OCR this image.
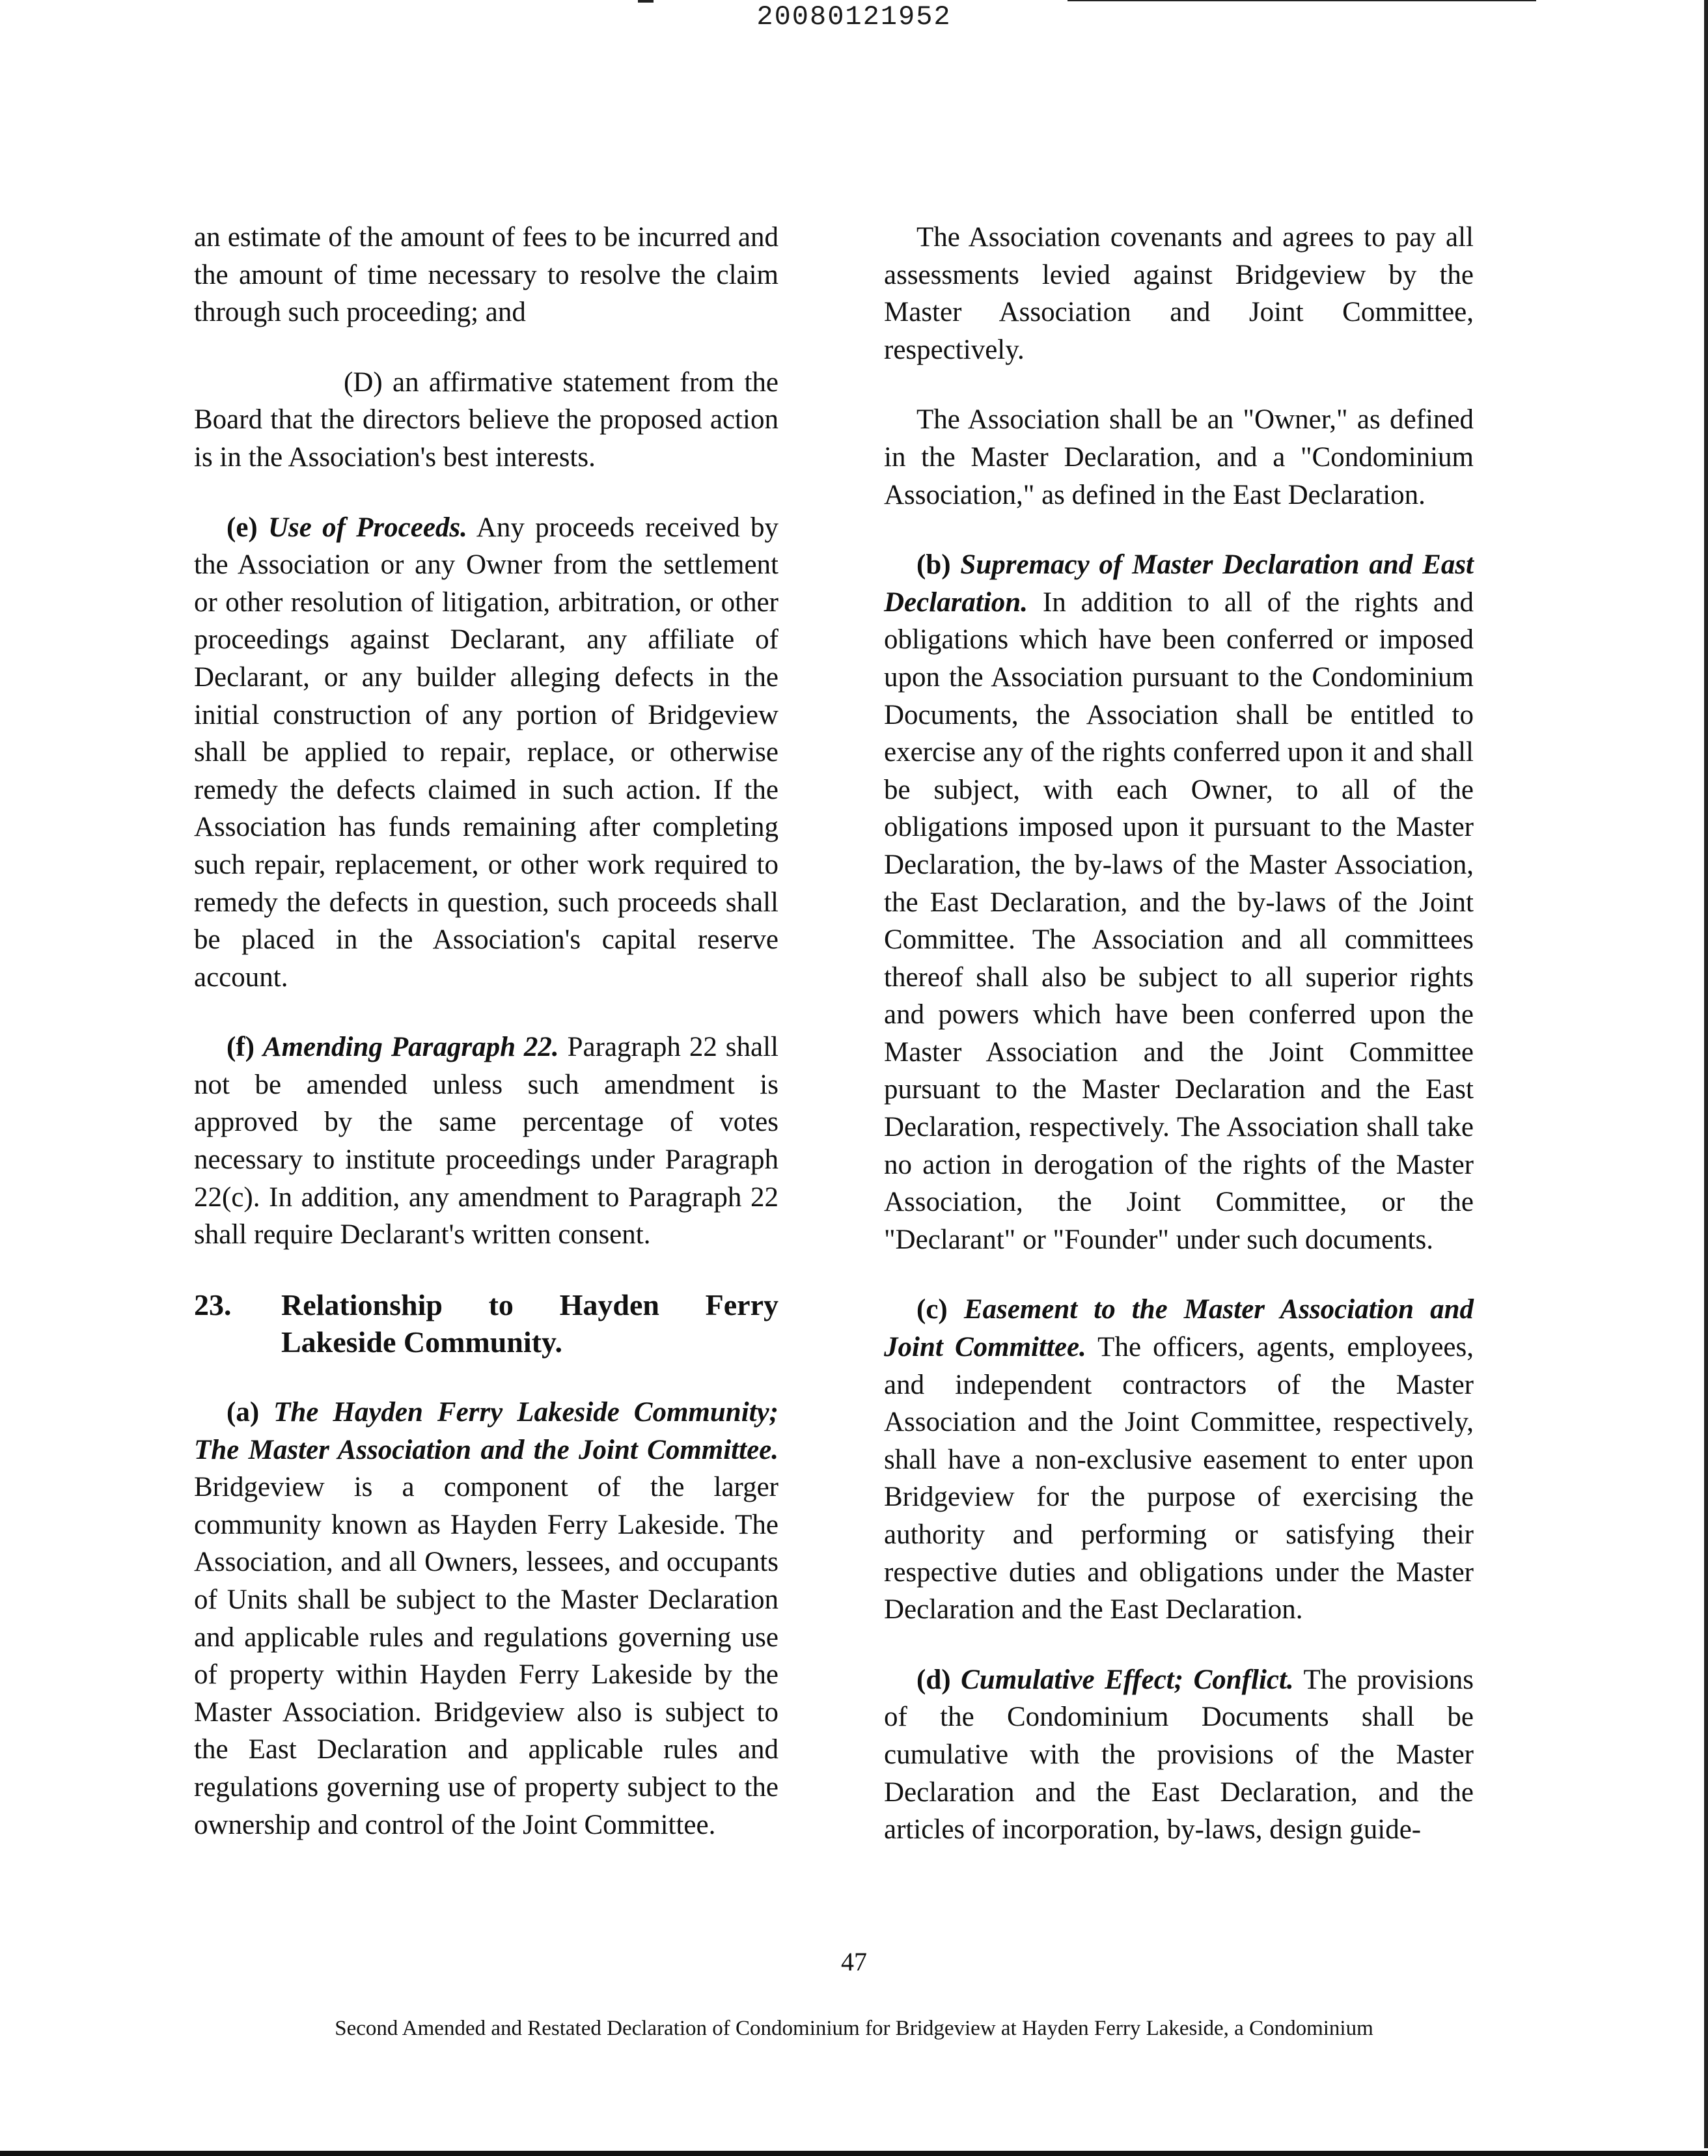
20080121952

an estimate of the amount of fees to be incurred and the amount of time necessary to resolve the claim through such proceeding; and

(D) an affirmative statement from the Board that the directors believe the proposed action is in the Association's best interests.

(e) Use of Proceeds. Any proceeds received by the Association or any Owner from the settlement or other resolution of litigation, arbitration, or other proceedings against Declarant, any affiliate of Declarant, or any builder alleging defects in the initial construction of any portion of Bridgeview shall be applied to repair, replace, or otherwise remedy the defects claimed in such action. If the Association has funds remaining after completing such repair, replacement, or other work required to remedy the defects in question, such proceeds shall be placed in the Association's capital reserve account.

(f) Amending Paragraph 22. Paragraph 22 shall not be amended unless such amendment is approved by the same percentage of votes necessary to institute proceedings under Paragraph 22(c). In addition, any amendment to Paragraph 22 shall require Declarant's written consent.

23.	Relationship to Hayden Ferry Lakeside Community.

(a) The Hayden Ferry Lakeside Community; The Master Association and the Joint Committee. Bridgeview is a component of the larger community known as Hayden Ferry Lakeside. The Association, and all Owners, lessees, and occupants of Units shall be subject to the Master Declaration and applicable rules and regulations governing use of property within Hayden Ferry Lakeside by the Master Association. Bridgeview also is subject to the East Declaration and applicable rules and regulations governing use of property subject to the ownership and control of the Joint Committee.

The Association covenants and agrees to pay all assessments levied against Bridgeview by the Master Association and Joint Committee, respectively.

The Association shall be an "Owner," as defined in the Master Declaration, and a "Condominium Association," as defined in the East Declaration.

(b) Supremacy of Master Declaration and East Declaration. In addition to all of the rights and obligations which have been conferred or imposed upon the Association pursuant to the Condominium Documents, the Association shall be entitled to exercise any of the rights conferred upon it and shall be subject, with each Owner, to all of the obligations imposed upon it pursuant to the Master Declaration, the by-laws of the Master Association, the East Declaration, and the by-laws of the Joint Committee. The Association and all committees thereof shall also be subject to all superior rights and powers which have been conferred upon the Master Association and the Joint Committee pursuant to the Master Declaration and the East Declaration, respectively. The Association shall take no action in derogation of the rights of the Master Association, the Joint Committee, or the "Declarant" or "Founder" under such documents.

(c) Easement to the Master Association and Joint Committee. The officers, agents, employees, and independent contractors of the Master Association and the Joint Committee, respectively, shall have a non-exclusive easement to enter upon Bridgeview for the purpose of exercising the authority and performing or satisfying their respective duties and obligations under the Master Declaration and the East Declaration.

(d) Cumulative Effect; Conflict. The provisions of the Condominium Documents shall be cumulative with the provisions of the Master Declaration and the East Declaration, and the articles of incorporation, by-laws, design guide-

47
Second Amended and Restated Declaration of Condominium for Bridgeview at Hayden Ferry Lakeside, a Condominium
